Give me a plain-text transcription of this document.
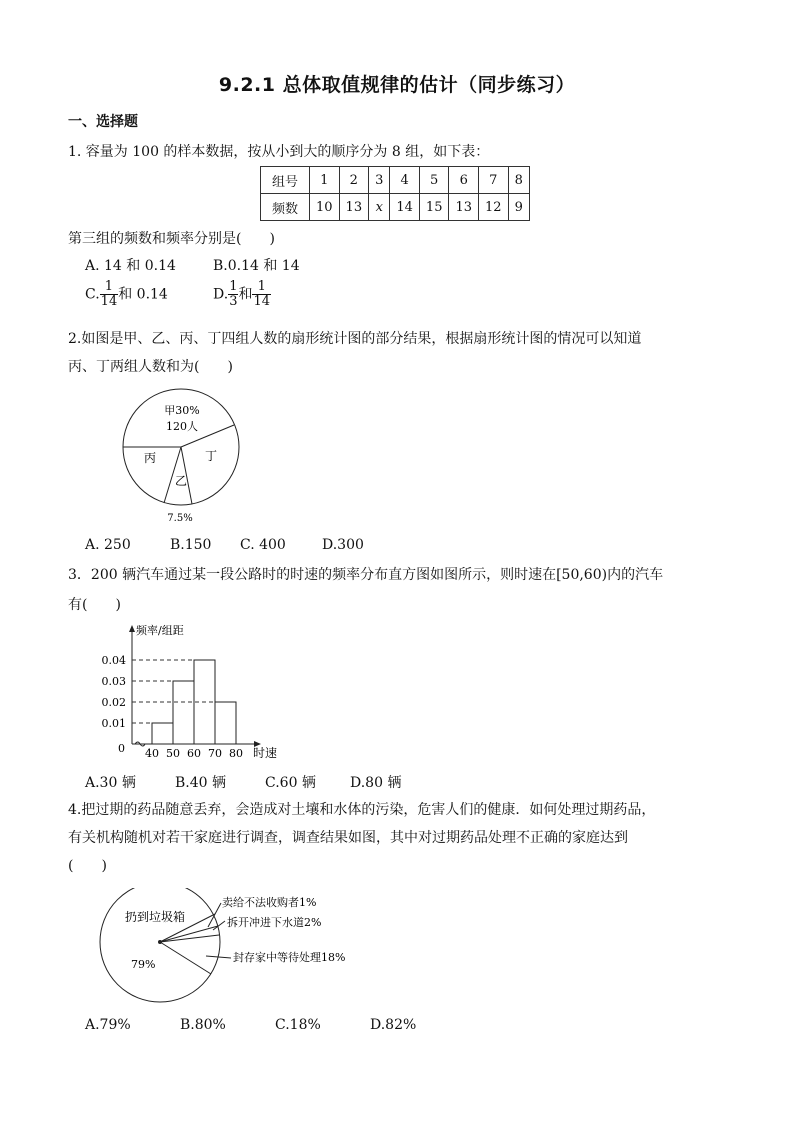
9.2.1 总体取值规律的估计（同步练习）
一、选择题
1. 容量为 100 的样本数据，按从小到大的顺序分为 8 组，如下表：
组号	1	2	3	4	5	6	7	8
频数	10	13	x	14	15	13	12	9
第三组的频数和频率分别是(　　)
A. 14 和 0.14	B.0.14 和 14
C. $\frac{1}{14}$ 和 0.14	D. $\frac{1}{3}$ 和 $\frac{1}{14}$
2.如图是甲、乙、丙、丁四组人数的扇形统计图的部分结果，根据扇形统计图的情况可以知道
丙、丁两组人数和为(　　)
甲30%
120人
丙	丁
乙
7.5%
A. 250	B.150 C. 400	D.300
3．200 辆汽车通过某一段公路时的时速的频率分布直方图如图所示，则时速在[50,60)内的汽车
有(　　)
频率/组距
时速
0
0.01
0.02
0.03
0.04
40 50 60 70 80
A.30 辆	B.40 辆	C.60 辆 D.80 辆
4.把过期的药品随意丢弃，会造成对土壤和水体的污染，危害人们的健康．如何处理过期药品，
有关机构随机对若干家庭进行调查，调查结果如图，其中对过期药品处理不正确的家庭达到
(　　)
扔到垃圾箱
79%
卖给不法收购者1%
拆开冲进下水道2%
封存家中等待处理18%
A.79%	B.80%	C.18%	D.82%
